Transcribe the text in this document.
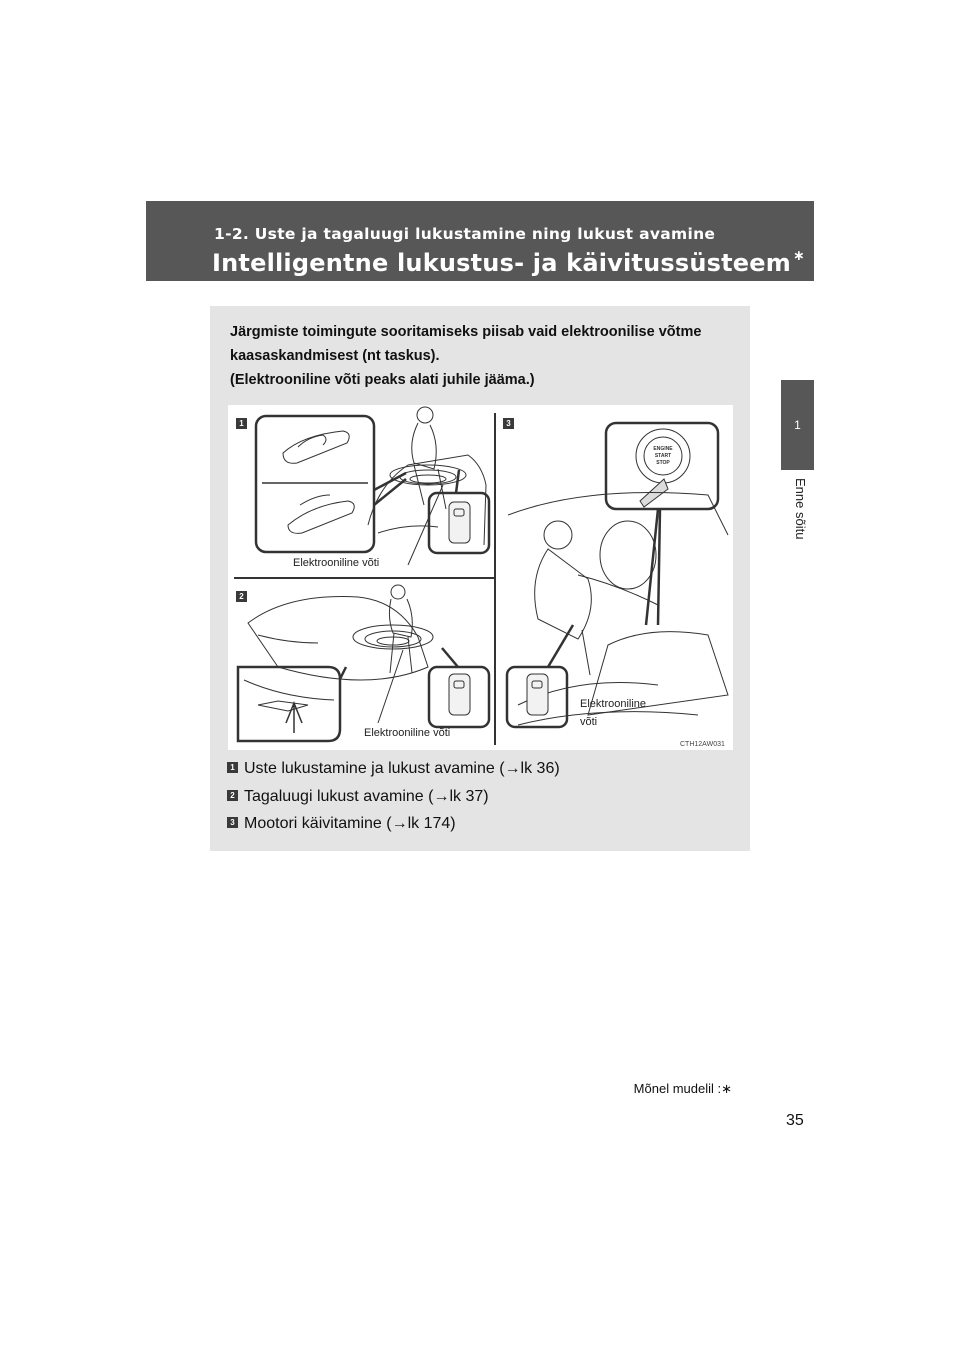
1-2. Uste ja tagaluugi lukustamine ning lukust avamine
Intelligentne lukustus- ja käivitussüsteem ∗
1
Enne sõitu
Järgmiste toimingute sooritamiseks piisab vaid elektroonilise võtme
kaasaskandmisest (nt taskus).
(Elektrooniline võti peaks alati juhile jääma.)
ENGINE
START
STOP
1
2
3
Elektrooniline võti
Elektrooniline võti
Elektrooniline
võti
CTH12AW031
1 Uste lukustamine ja lukust avamine (→lk 36)
2 Tagaluugi lukust avamine (→lk 37)
3 Mootori käivitamine (→lk 174)
∗: Mõnel mudelil
35
